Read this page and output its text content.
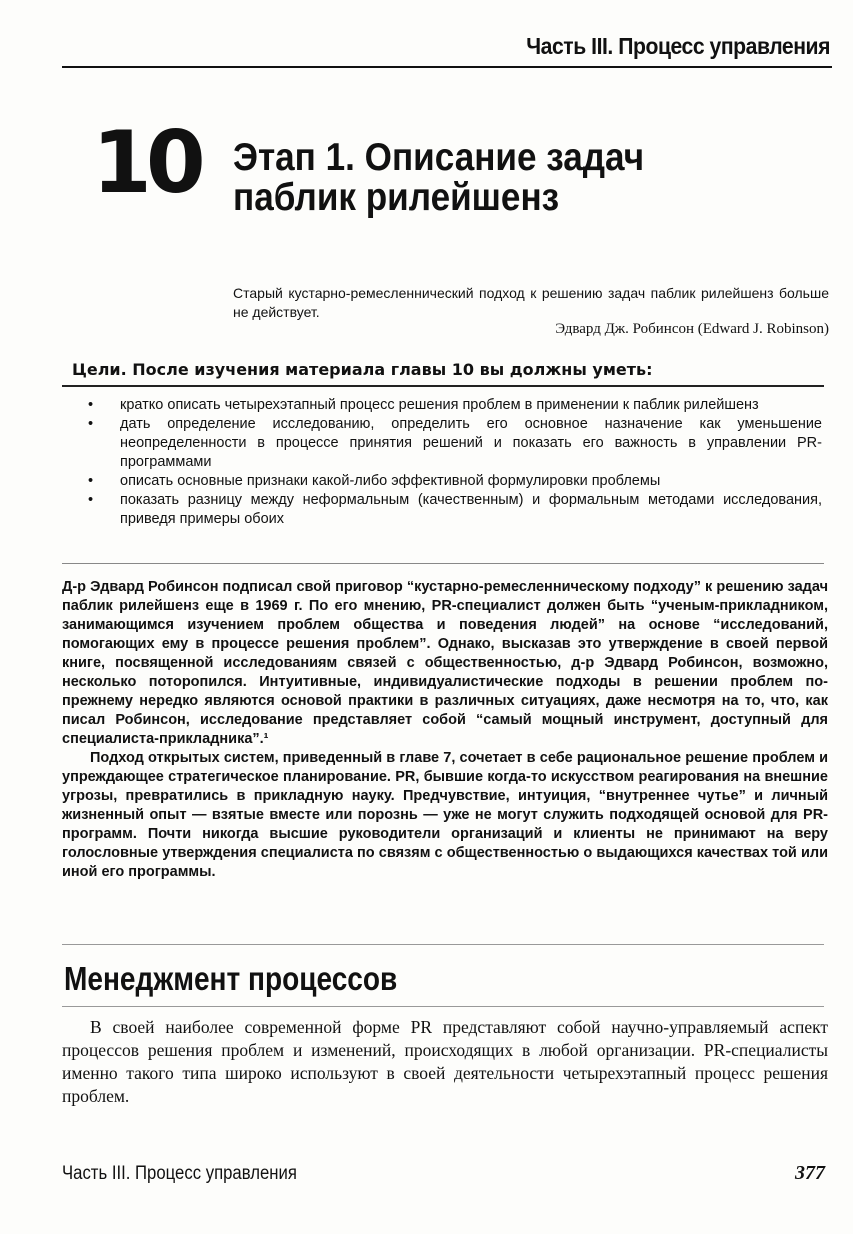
Часть III. Процесс управления
10 Этап 1. Описание задач паблик рилейшенз
Старый кустарно-ремесленнический подход к решению задач паблик рилейшенз больше не действует.
Эдвард Дж. Робинсон (Edward J. Robinson)
Цели. После изучения материала главы 10 вы должны уметь:
• кратко описать четырехэтапный процесс решения проблем в применении к паблик рилейшенз
• дать определение исследованию, определить его основное назначение как уменьшение неопределенности в процессе принятия решений и показать его важность в управлении PR-программами
• описать основные признаки какой-либо эффективной формулировки проблемы
• показать разницу между неформальным (качественным) и формальным методами исследования, приведя примеры обоих

Д-р Эдвард Робинсон подписал свой приговор “кустарно-ремесленническому подходу” к решению задач паблик рилейшенз еще в 1969 г. По его мнению, PR-специалист должен быть “ученым-прикладником, занимающимся изучением проблем общества и поведения людей” на основе “исследований, помогающих ему в процессе решения проблем”. Однако, высказав это утверждение в своей первой книге, посвященной исследованиям связей с общественностью, д-р Эдвард Робинсон, возможно, несколько поторопился. Интуитивные, индивидуалистические подходы в решении проблем по-прежнему нередко являются основой практики в различных ситуациях, даже несмотря на то, что, как писал Робинсон, исследование представляет собой “самый мощный инструмент, доступный для специалиста-прикладника”.¹

Подход открытых систем, приведенный в главе 7, сочетает в себе рациональное решение проблем и упреждающее стратегическое планирование. PR, бывшие когда-то искусством реагирования на внешние угрозы, превратились в прикладную науку. Предчувствие, интуиция, “внутреннее чутье” и личный жизненный опыт — взятые вместе или порознь — уже не могут служить подходящей основой для PR-программ. Почти никогда высшие руководители организаций и клиенты не принимают на веру голословные утверждения специалиста по связям с общественностью о выдающихся качествах той или иной его программы.

Менеджмент процессов

В своей наиболее современной форме PR представляют собой научно-управляемый аспект процессов решения проблем и изменений, происходящих в любой организации. PR-специалисты именно такого типа широко используют в своей деятельности четырехэтапный процесс решения проблем.

Часть III. Процесс управления	377
